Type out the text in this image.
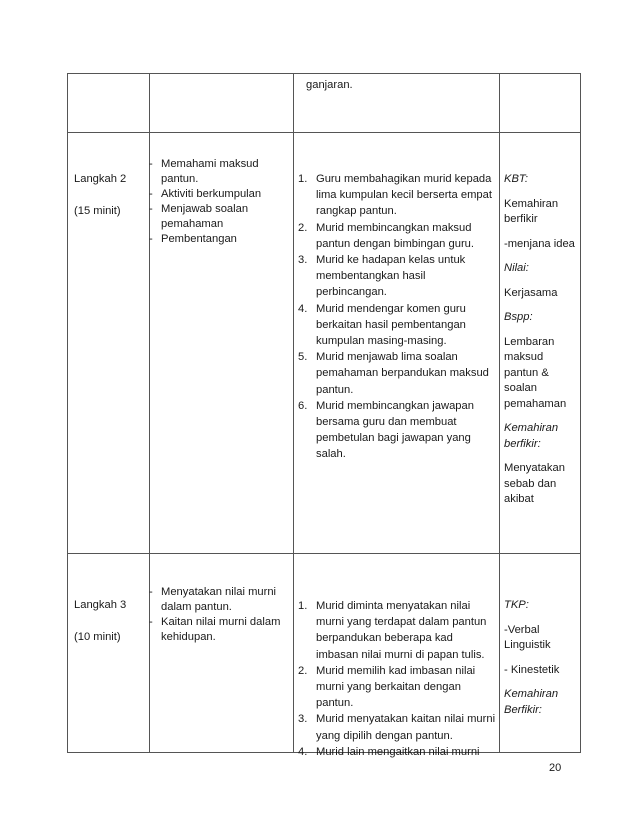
ganjaran.
Langkah 2
(15 minit)
- Memahami maksud pantun.
- Aktiviti berkumpulan
- Menjawab soalan pemahaman
- Pembentangan
1. Guru membahagikan murid kepada lima kumpulan kecil berserta empat rangkap pantun.
2. Murid membincangkan maksud pantun dengan bimbingan guru.
3. Murid ke hadapan kelas untuk membentangkan hasil perbincangan.
4. Murid mendengar komen guru berkaitan hasil pembentangan kumpulan masing-masing.
5. Murid menjawab lima soalan pemahaman berpandukan maksud pantun.
6. Murid membincangkan jawapan bersama guru dan membuat pembetulan bagi jawapan yang salah.

KBT:

Kemahiran berfikir

-menjana idea

Nilai:

Kerjasama

Bspp:

Lembaran maksud pantun & soalan pemahaman

Kemahiran berfikir:

Menyatakan sebab dan akibat

Langkah 3
(10 minit)
- Menyatakan nilai murni dalam pantun.
- Kaitan nilai murni dalam kehidupan.
1. Murid diminta menyatakan nilai murni yang terdapat dalam pantun berpandukan beberapa kad imbasan nilai murni di papan tulis.
2. Murid memilih kad imbasan nilai murni yang berkaitan dengan pantun.
3. Murid menyatakan kaitan nilai murni yang dipilih dengan pantun.
4. Murid lain mengaitkan nilai murni

TKP:

-Verbal Linguistik

- Kinestetik

Kemahiran Berfikir:

20
